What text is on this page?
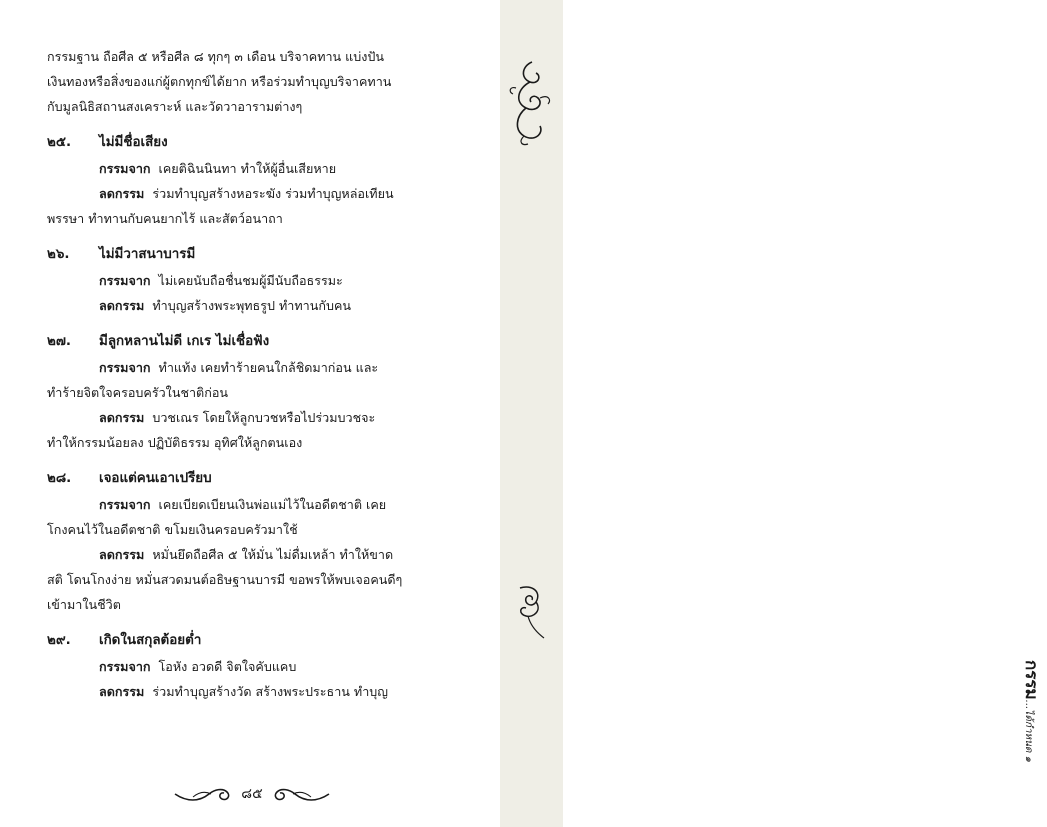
กรรมฐาน ถือศีล ๕ หรือศีล ๘ ทุกๆ ๓ เดือน บริจาคทาน แบ่งปัน
เงินทองหรือสิ่งของแก่ผู้ตกทุกข์ได้ยาก หรือร่วมทำบุญบริจาคทาน
กับมูลนิธิสถานสงเคราะห์ และวัดวาอารามต่างๆ
๒๕. ไม่มีชื่อเสียง
กรรมจาก เคยติฉินนินทา ทำให้ผู้อื่นเสียหาย
ลดกรรม ร่วมทำบุญสร้างหอระฆัง ร่วมทำบุญหล่อเทียน
พรรษา ทำทานกับคนยากไร้ และสัตว์อนาถา
๒๖. ไม่มีวาสนาบารมี
กรรมจาก ไม่เคยนับถือชื่นชมผู้มีนับถือธรรมะ
ลดกรรม ทำบุญสร้างพระพุทธรูป ทำทานกับคน
๒๗. มีลูกหลานไม่ดี เกเร ไม่เชื่อฟัง
กรรมจาก ทำแท้ง เคยทำร้ายคนใกล้ชิดมาก่อน และ
ทำร้ายจิตใจครอบครัวในชาติก่อน
ลดกรรม บวชเณร โดยให้ลูกบวชหรือไปร่วมบวชจะ
ทำให้กรรมน้อยลง ปฏิบัติธรรม อุทิศให้ลูกตนเอง
๒๘. เจอแต่คนเอาเปรียบ
กรรมจาก เคยเบียดเบียนเงินพ่อแม่ไว้ในอดีตชาติ เคย
โกงคนไว้ในอดีตชาติ ขโมยเงินครอบครัวมาใช้
ลดกรรม หมั่นยึดถือศีล ๕ ให้มั่น ไม่ดื่มเหล้า ทำให้ขาด
สติ โดนโกงง่าย หมั่นสวดมนต์อธิษฐานบารมี ขอพรให้พบเจอคนดีๆ
เข้ามาในชีวิต
๒๙. เกิดในสกุลต้อยต่ำ
กรรมจาก โอหัง อวดดี จิตใจคับแคบ
ลดกรรม ร่วมทำบุญสร้างวัด สร้างพระประธาน ทำบุญ
๘๕
กรรม...ได้กำหนด ๑
